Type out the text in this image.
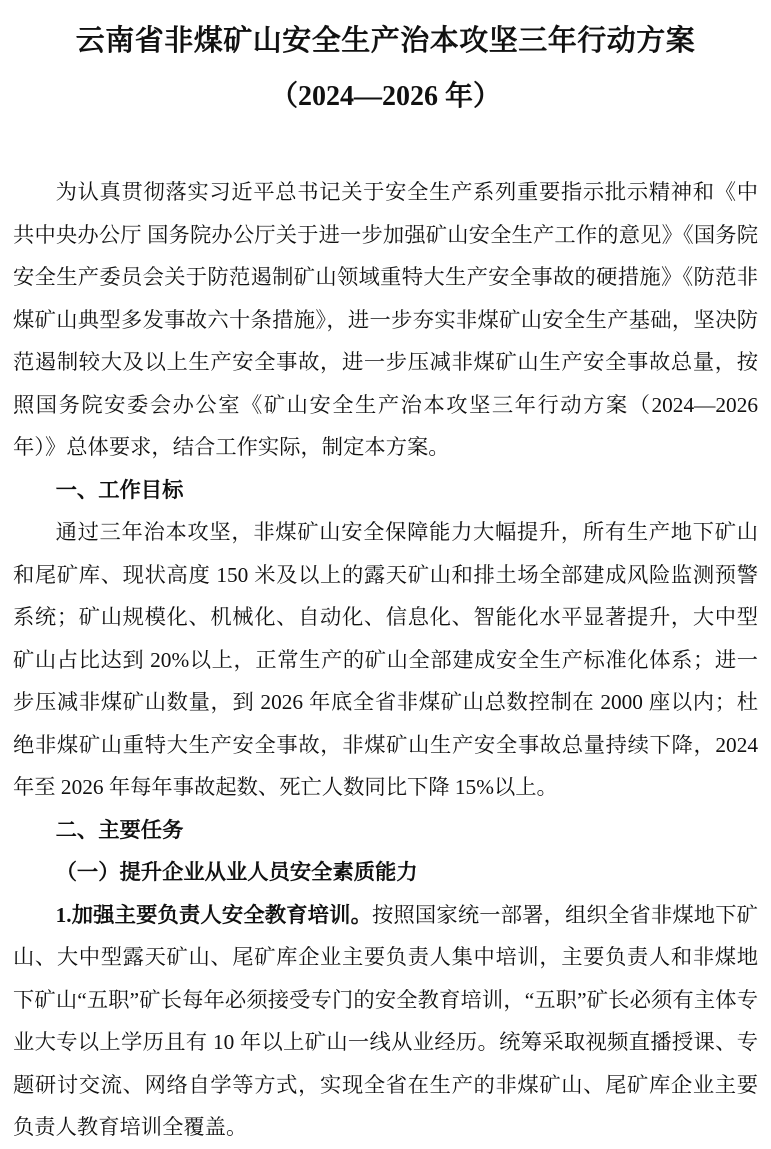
云南省非煤矿山安全生产治本攻坚三年行动方案
（2024—2026 年）

为认真贯彻落实习近平总书记关于安全生产系列重要指示批示精神和《中共中央办公厅 国务院办公厅关于进一步加强矿山安全生产工作的意见》《国务院安全生产委员会关于防范遏制矿山领域重特大生产安全事故的硬措施》《防范非煤矿山典型多发事故六十条措施》，进一步夯实非煤矿山安全生产基础，坚决防范遏制较大及以上生产安全事故，进一步压减非煤矿山生产安全事故总量，按照国务院安委会办公室《矿山安全生产治本攻坚三年行动方案（2024—2026 年）》总体要求，结合工作实际，制定本方案。

一、工作目标

通过三年治本攻坚，非煤矿山安全保障能力大幅提升，所有生产地下矿山和尾矿库、现状高度 150 米及以上的露天矿山和排土场全部建成风险监测预警系统；矿山规模化、机械化、自动化、信息化、智能化水平显著提升，大中型矿山占比达到 20%以上，正常生产的矿山全部建成安全生产标准化体系；进一步压减非煤矿山数量，到 2026 年底全省非煤矿山总数控制在 2000 座以内；杜绝非煤矿山重特大生产安全事故，非煤矿山生产安全事故总量持续下降，2024 年至 2026 年每年事故起数、死亡人数同比下降 15%以上。

二、主要任务

（一）提升企业从业人员安全素质能力

1.加强主要负责人安全教育培训。按照国家统一部署，组织全省非煤地下矿山、大中型露天矿山、尾矿库企业主要负责人集中培训，主要负责人和非煤地下矿山“五职”矿长每年必须接受专门的安全教育培训，“五职”矿长必须有主体专业大专以上学历且有 10 年以上矿山一线从业经历。统筹采取视频直播授课、专题研讨交流、网络自学等方式，实现全省在生产的非煤矿山、尾矿库企业主要负责人教育培训全覆盖。
